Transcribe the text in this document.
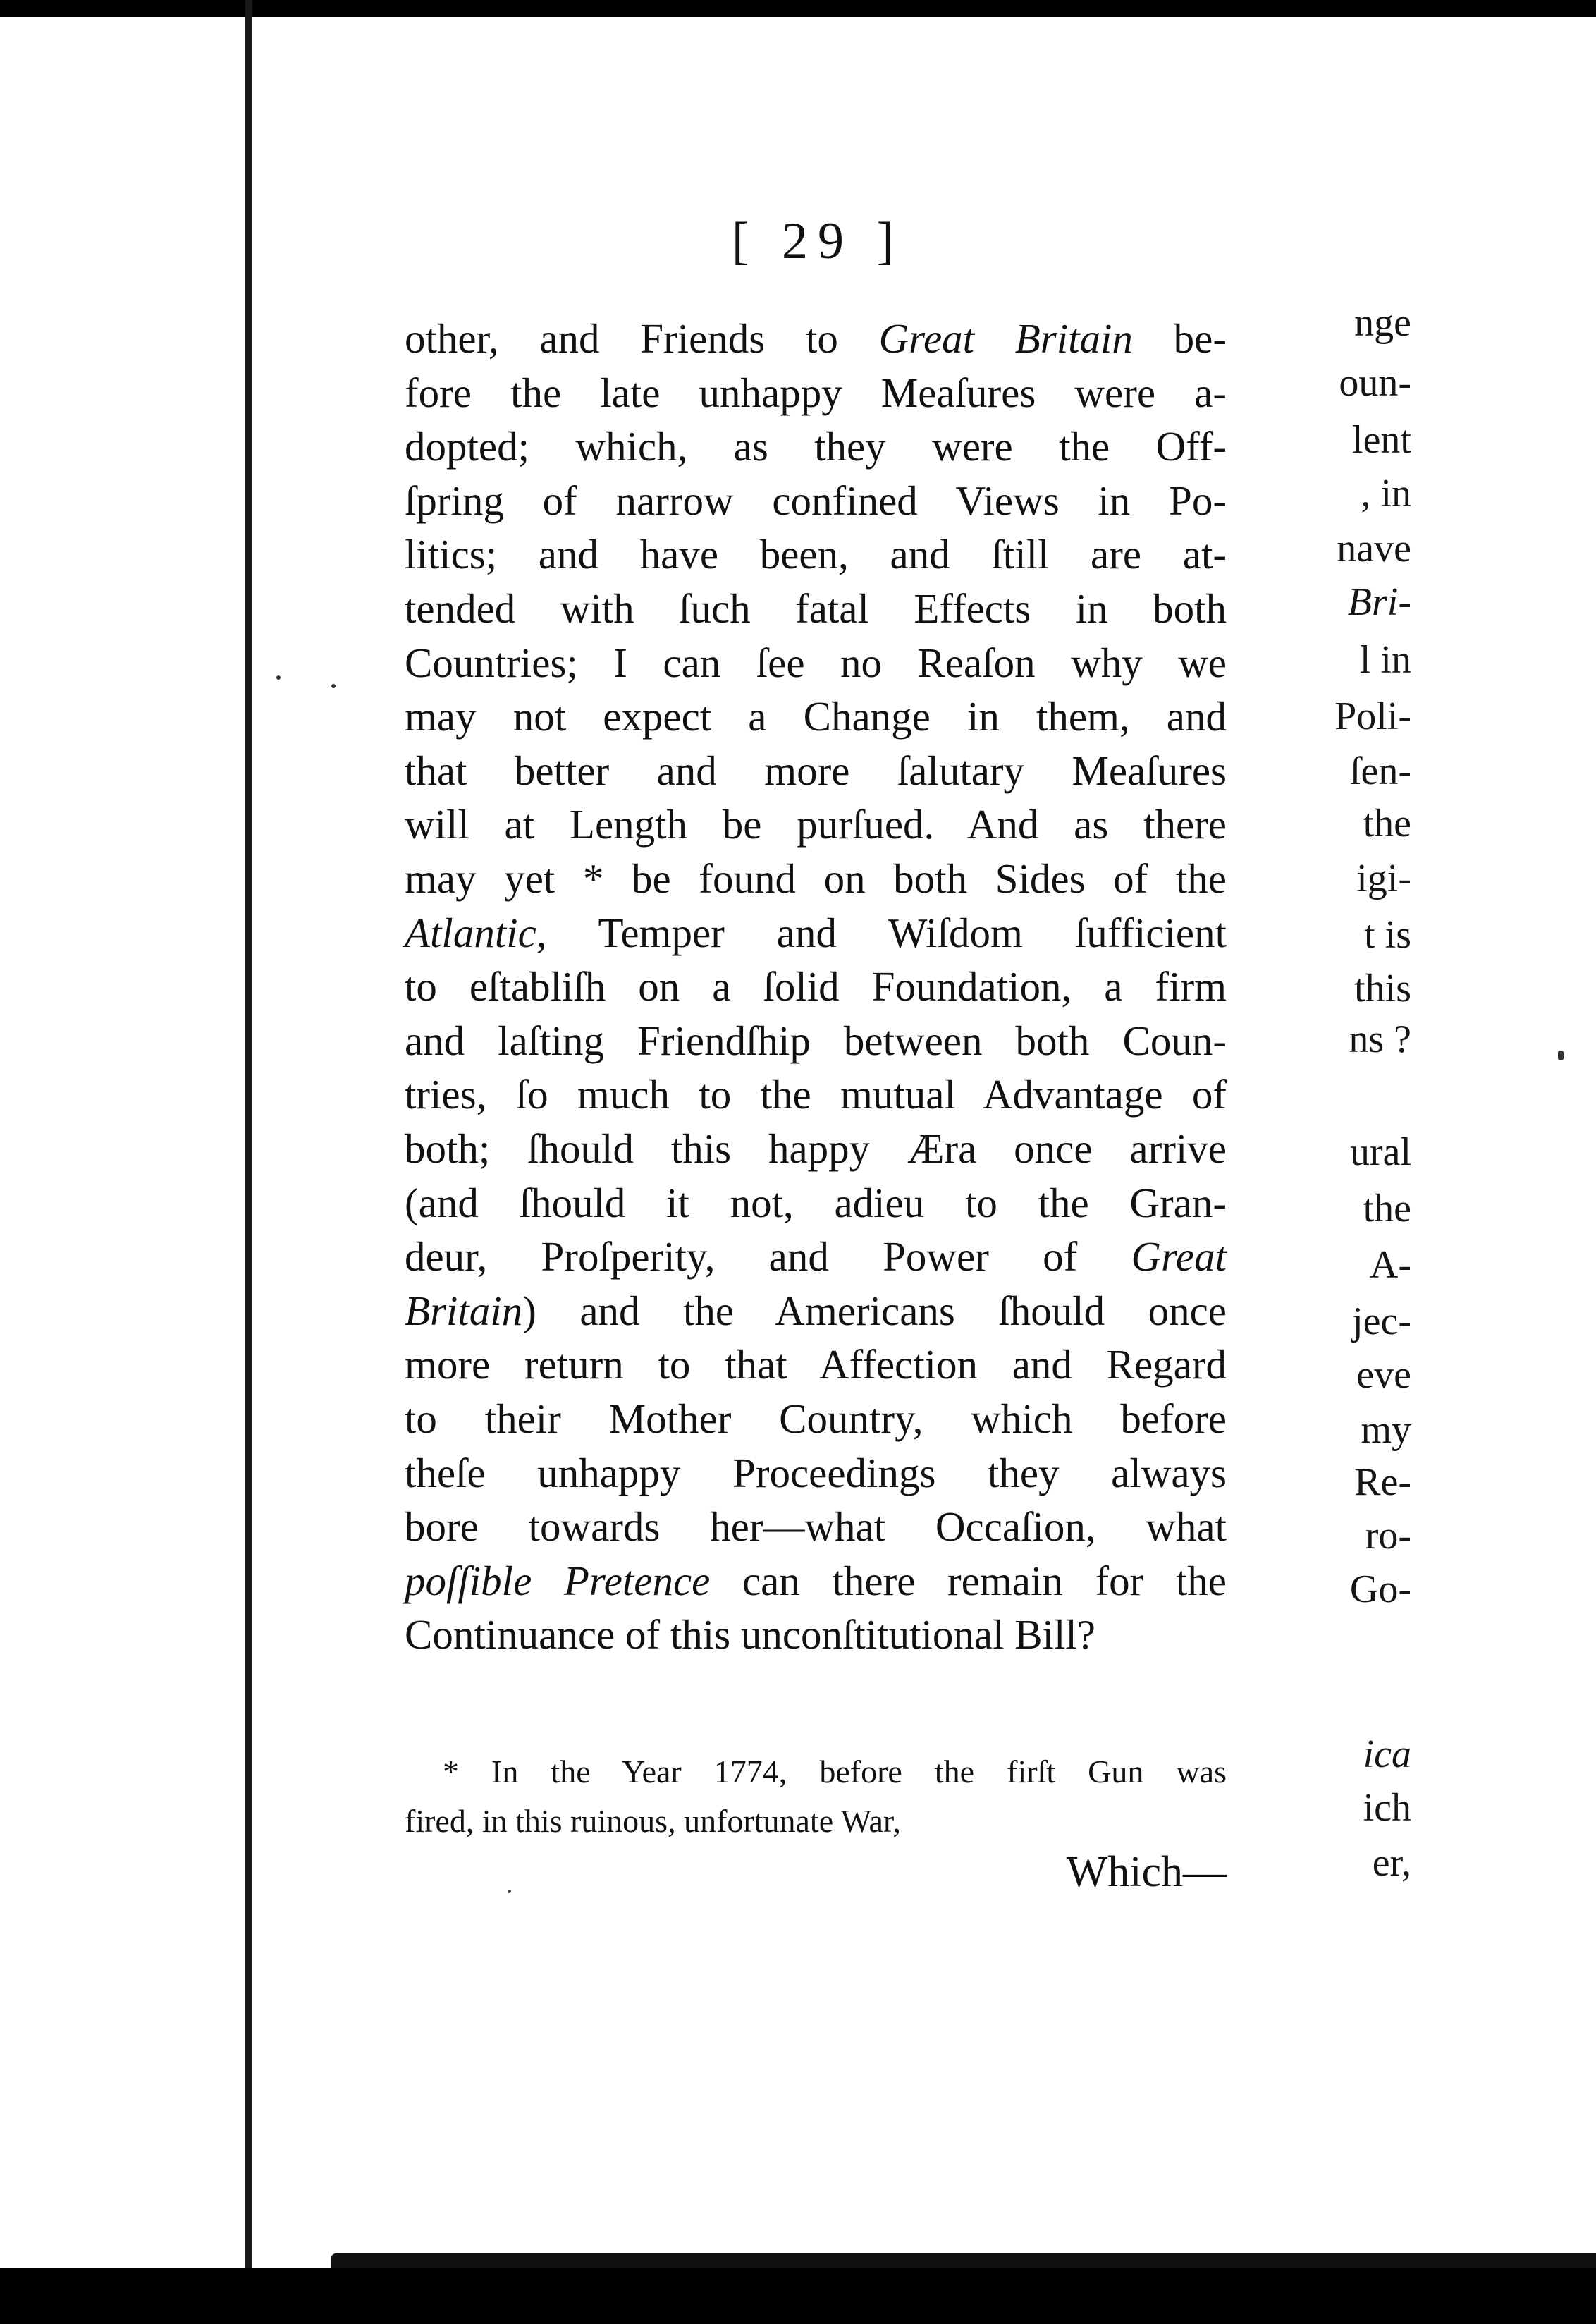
nge
oun-
lent
, in
nave
Bri-
l in
Poli-
ſen-
the
igi-
t is
this
ns ?
ural
the
A-
jec-
eve
my
Re-
ro-
Go-
ica
ich
er,
[ 29 ]
other, and Friends to Great Britain be-
fore the late unhappy Meaſures were a-
dopted; which, as they were the Off-
ſpring of narrow confined Views in Po-
litics; and have been, and ſtill are at-
tended with ſuch fatal Effects in both
Countries; I can ſee no Reaſon why we
may not expect a Change in them, and
that better and more ſalutary Meaſures
will at Length be purſued. And as there
may yet * be found on both Sides of the
Atlantic, Temper and Wiſdom ſufficient
to eſtabliſh on a ſolid Foundation, a firm
and laſting Friendſhip between both Coun-
tries, ſo much to the mutual Advantage of
both; ſhould this happy Æra once arrive
(and ſhould it not, adieu to the Gran-
deur, Proſperity, and Power of Great
Britain) and the Americans ſhould once
more return to that Affection and Regard
to their Mother Country, which before
theſe unhappy Proceedings they always
bore towards her—what Occaſion, what
poſſible Pretence can there remain for the
Continuance of this unconſtitutional Bill?
* In the Year 1774, before the firſt Gun was
fired, in this ruinous, unfortunate War,
Which—
